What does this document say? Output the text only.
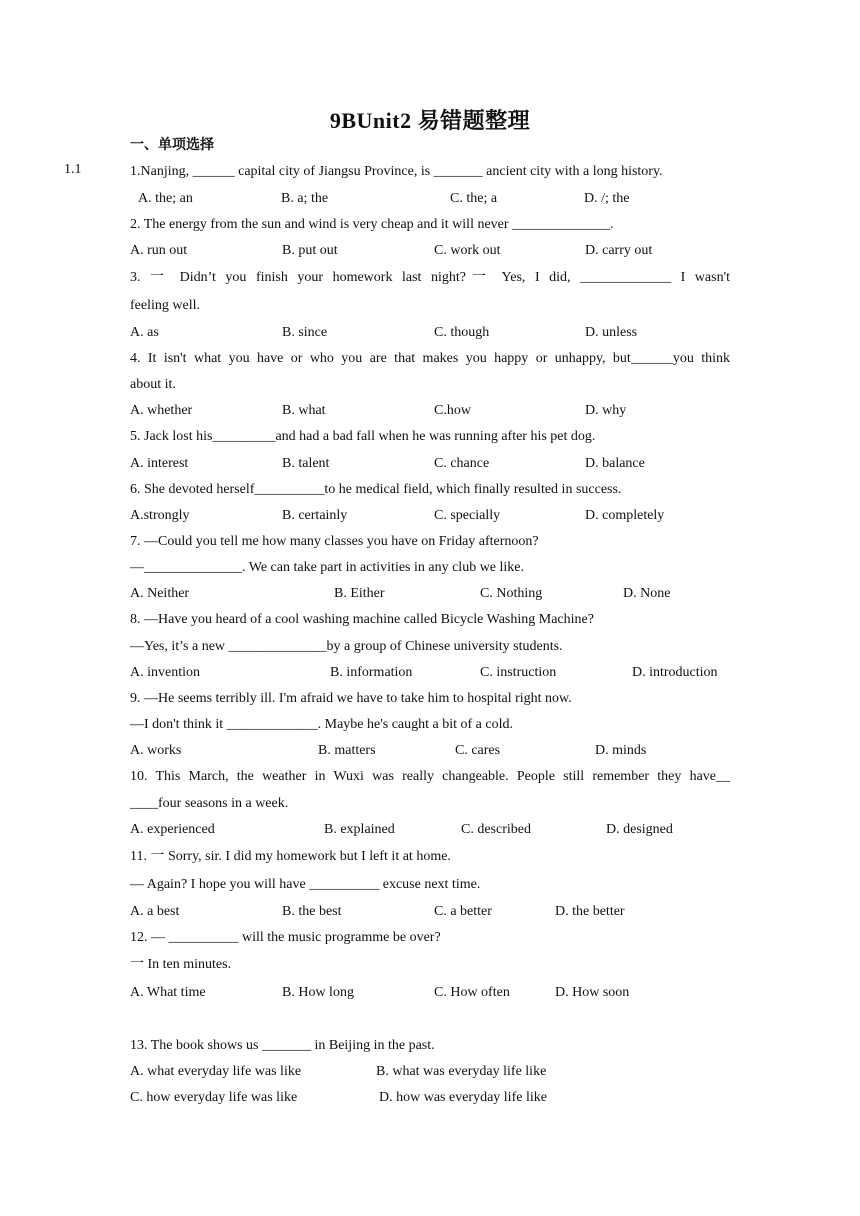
9BUnit2 易错题整理
一、单项选择
1.1	1.Nanjing, ______ capital city of Jiangsu Province, is _______ ancient city with a long history.
A. the; an	B. a; the	C. the; a	D. /; the
2. The energy from the sun and wind is very cheap and it will never ______________.
A. run out	B. put out	C. work out	D. carry out
3. 一 Didn’t you finish your homework last night?一 Yes, I did, _____________ I wasn't
feeling well.
A. as	B. since	C. though	D. unless
4. It isn't what you have or who you are that makes you happy or unhappy, but______you think
about it.
A. whether	B. what	C.how	D. why
5. Jack lost his_________and had a bad fall when he was running after his pet dog.
A. interest	B. talent	C. chance	D. balance
6. She devoted herself__________to he medical field, which finally resulted in success.
A.strongly	B. certainly	C. specially	D. completely
7. —Could you tell me how many classes you have on Friday afternoon?
—______________. We can take part in activities in any club we like.
A. Neither	B. Either	C. Nothing	D. None
8. —Have you heard of a cool washing machine called Bicycle Washing Machine?
—Yes, it’s a new ______________by a group of Chinese university students.
A. invention	B. information	C. instruction	D. introduction
9. —He seems terribly ill. I'm afraid we have to take him to hospital right now.
—I don't think it _____________. Maybe he's caught a bit of a cold.
A. works	B. matters	C. cares	D. minds
10. This March, the weather in Wuxi was really changeable. People still remember they have__
____four seasons in a week.
A. experienced	B. explained	C. described	D. designed
11. 一 Sorry, sir. I did my homework but I left it at home.
— Again? I hope you will have __________ excuse next time.
A. a best	B. the best	C. a better	D. the better
12. — __________ will the music programme be over?
一 In ten minutes.
A. What time	B. How long	C. How often	D. How soon
13. The book shows us _______ in Beijing in the past.
A. what everyday life was like	B. what was everyday life like
C. how everyday life was like	D. how was everyday life like
